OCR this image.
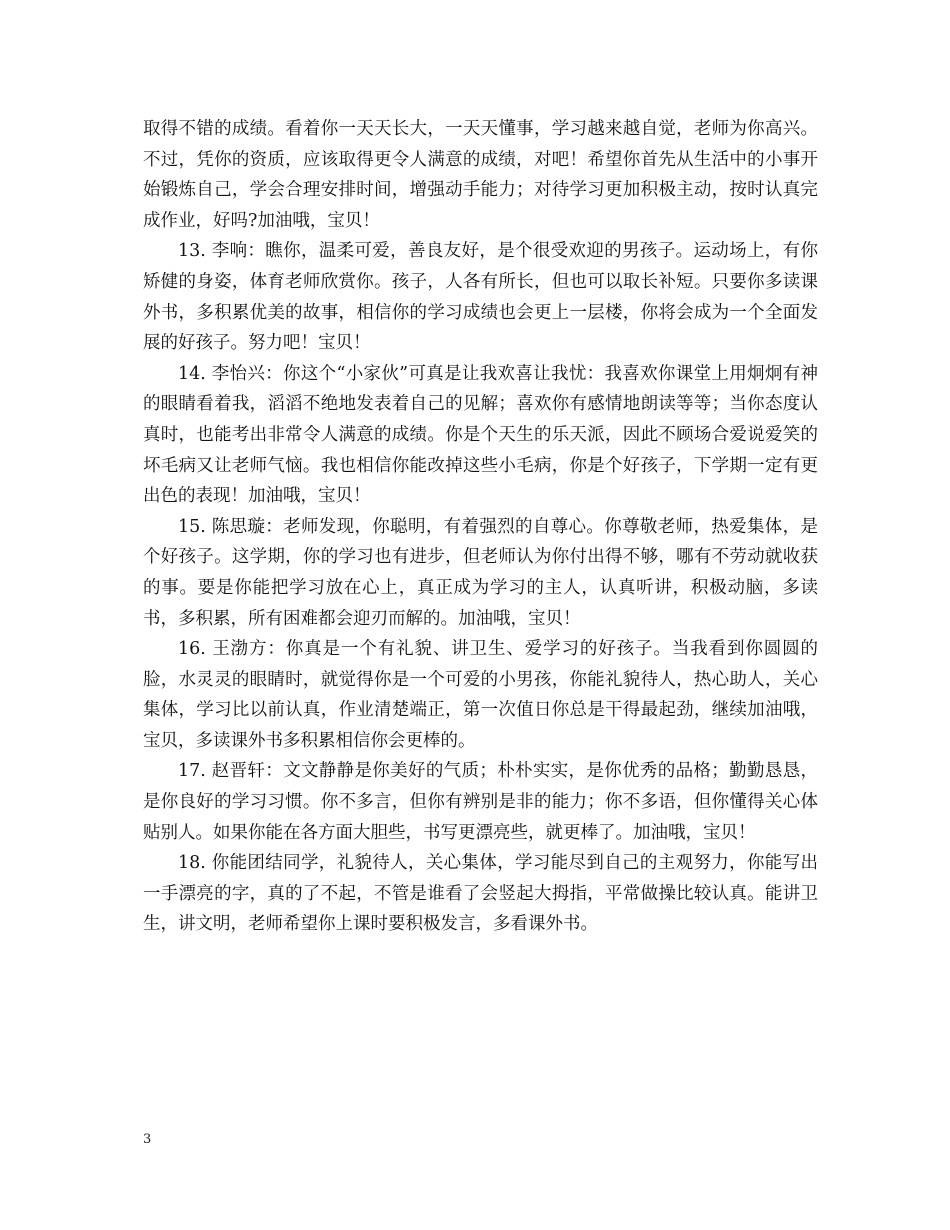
取得不错的成绩。看着你一天天长大，一天天懂事，学习越来越自觉，老师为你高兴。不过，凭你的资质，应该取得更令人满意的成绩，对吧！希望你首先从生活中的小事开始锻炼自己，学会合理安排时间，增强动手能力；对待学习更加积极主动，按时认真完成作业，好吗?加油哦，宝贝！

13. 李响：瞧你，温柔可爱，善良友好，是个很受欢迎的男孩子。运动场上，有你矫健的身姿，体育老师欣赏你。孩子，人各有所长，但也可以取长补短。只要你多读课外书，多积累优美的故事，相信你的学习成绩也会更上一层楼，你将会成为一个全面发展的好孩子。努力吧！宝贝！

14. 李怡兴：你这个“小家伙”可真是让我欢喜让我忧：我喜欢你课堂上用炯炯有神的眼睛看着我，滔滔不绝地发表着自己的见解；喜欢你有感情地朗读等等；当你态度认真时，也能考出非常令人满意的成绩。你是个天生的乐天派，因此不顾场合爱说爱笑的坏毛病又让老师气恼。我也相信你能改掉这些小毛病，你是个好孩子，下学期一定有更出色的表现！加油哦，宝贝！

15. 陈思璇：老师发现，你聪明，有着强烈的自尊心。你尊敬老师，热爱集体，是个好孩子。这学期，你的学习也有进步，但老师认为你付出得不够，哪有不劳动就收获的事。要是你能把学习放在心上，真正成为学习的主人，认真听讲，积极动脑，多读书，多积累，所有困难都会迎刃而解的。加油哦，宝贝！

16. 王渤方：你真是一个有礼貌、讲卫生、爱学习的好孩子。当我看到你圆圆的脸，水灵灵的眼睛时，就觉得你是一个可爱的小男孩，你能礼貌待人，热心助人，关心集体，学习比以前认真，作业清楚端正，第一次值日你总是干得最起劲，继续加油哦，宝贝，多读课外书多积累相信你会更棒的。

17. 赵晋轩：文文静静是你美好的气质；朴朴实实，是你优秀的品格；勤勤恳恳，是你良好的学习习惯。你不多言，但你有辨别是非的能力；你不多语，但你懂得关心体贴别人。如果你能在各方面大胆些，书写更漂亮些，就更棒了。加油哦，宝贝！

18. 你能团结同学，礼貌待人，关心集体，学习能尽到自己的主观努力，你能写出一手漂亮的字，真的了不起，不管是谁看了会竖起大拇指，平常做操比较认真。能讲卫生，讲文明，老师希望你上课时要积极发言，多看课外书。

3
